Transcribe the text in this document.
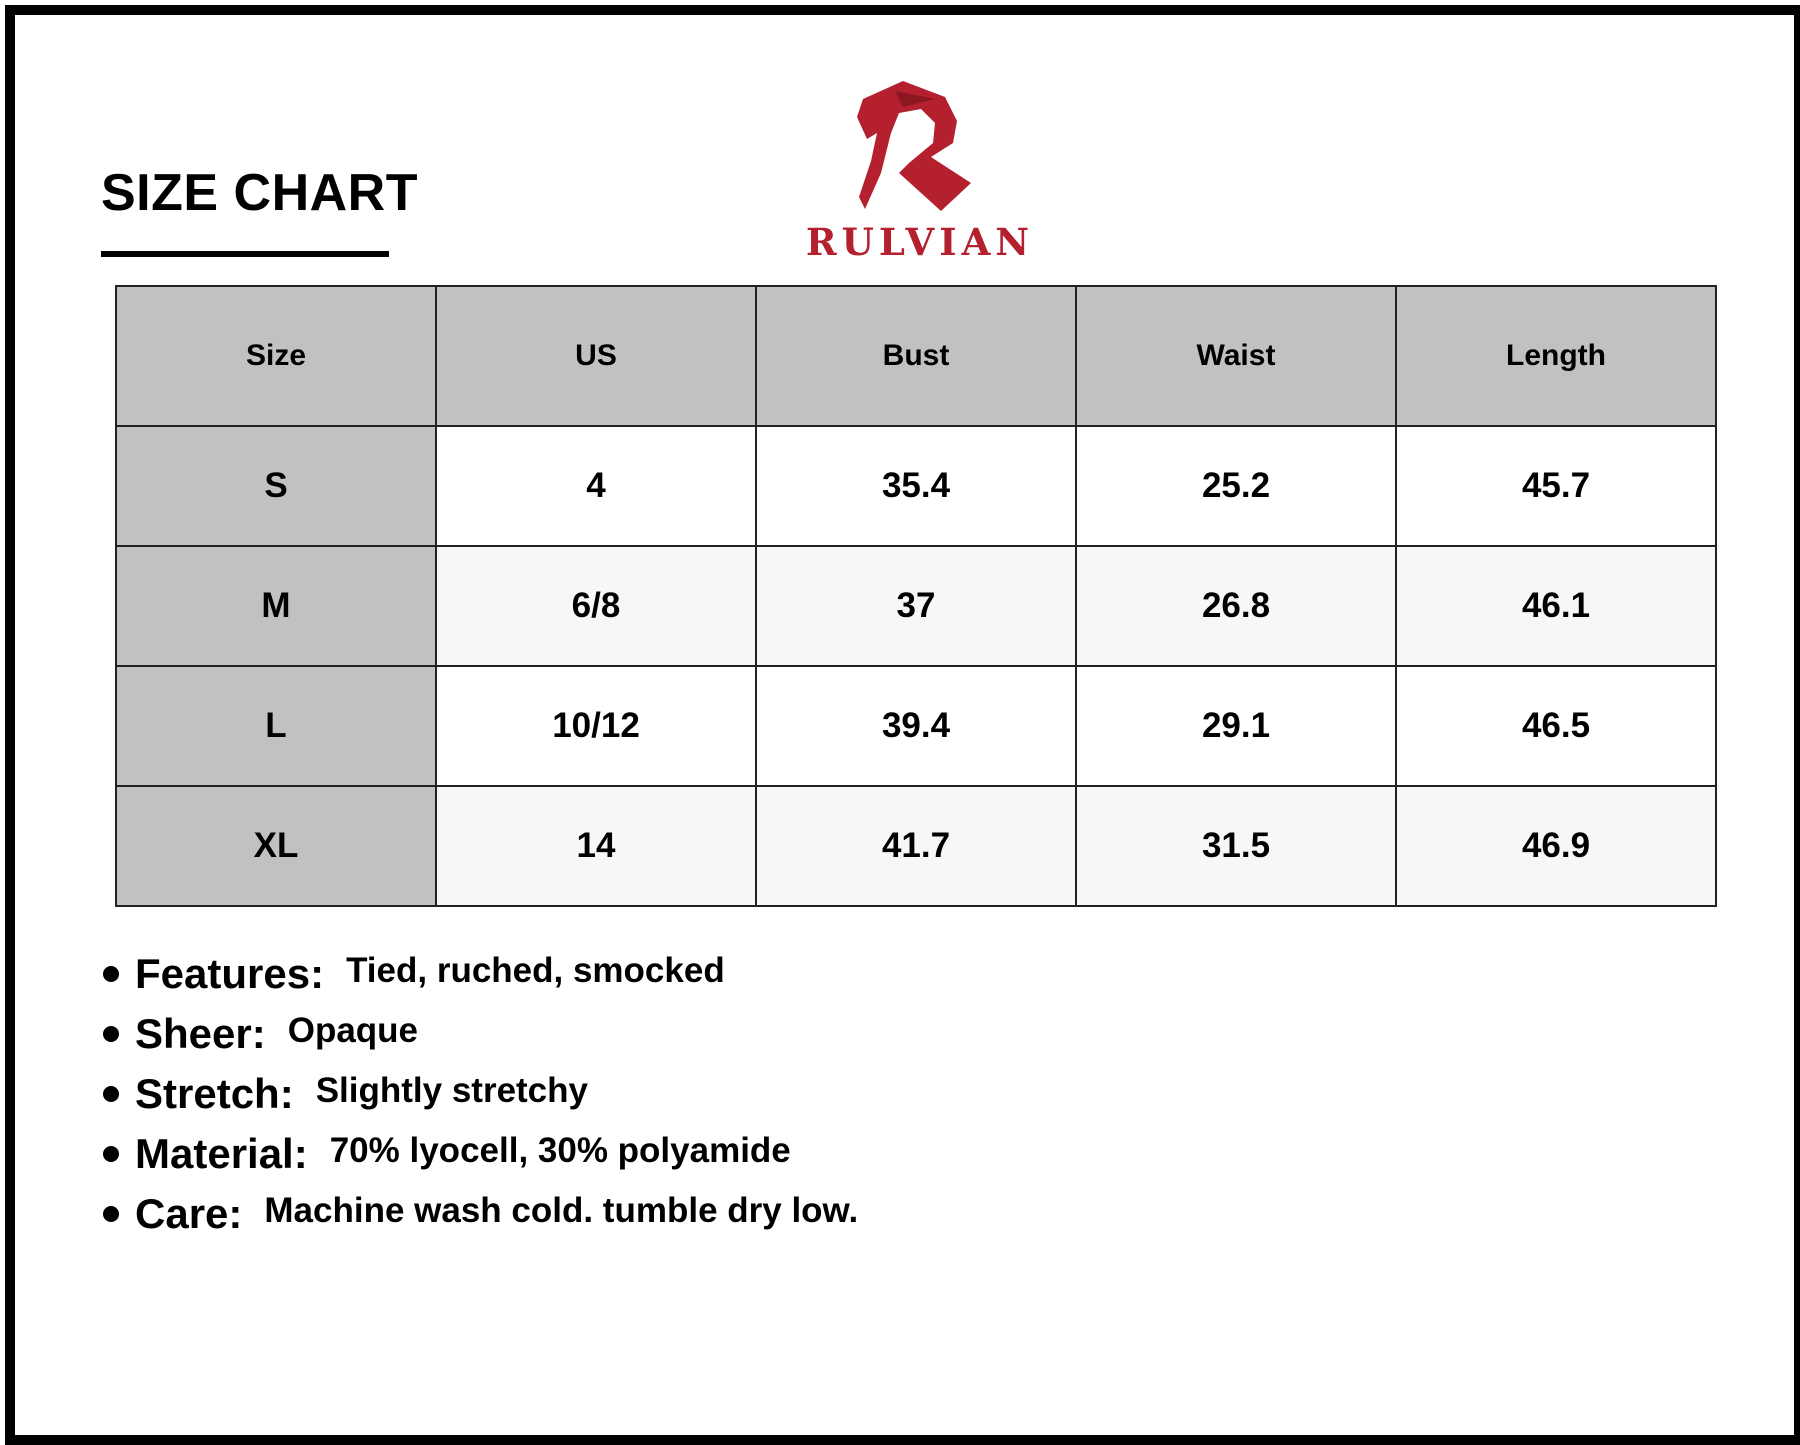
SIZE CHART
RULVIAN
Size	US	Bust	Waist	Length
S	4	35.4	25.2	45.7
M	6/8	37	26.8	46.1
L	10/12	39.4	29.1	46.5
XL	14	41.7	31.5	46.9
Features: Tied, ruched, smocked
Sheer: Opaque
Stretch: Slightly stretchy
Material: 70% lyocell, 30% polyamide
Care: Machine wash cold. tumble dry low.
